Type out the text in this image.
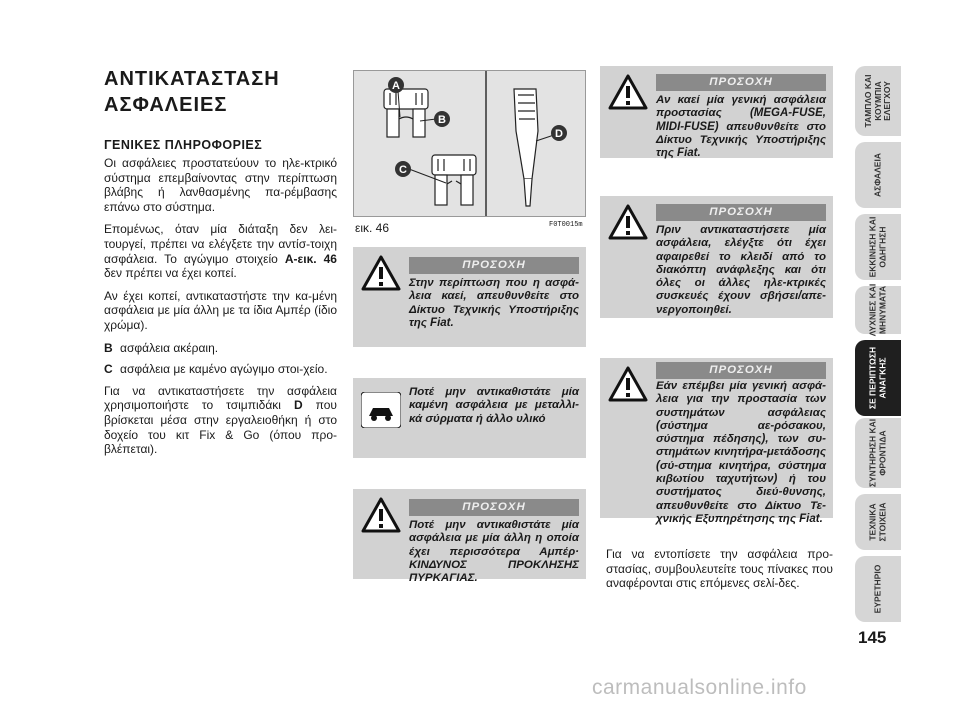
ΑΝΤΙΚΑΤΑΣΤΑΣΗ
ΑΣΦΑΛΕΙΕΣ
ΓΕΝΙΚΕΣ ΠΛΗΡΟΦΟΡΙΕΣ

Οι ασφάλειες προστατεύουν το ηλε-κτρικό σύστημα επεμβαίνοντας στην περίπτωση βλάβης ή λανθασμένης πα-ρέμβασης επάνω στο σύστημα.

Επομένως, όταν μία διάταξη δεν λει-τουργεί, πρέπει να ελέγξετε την αντίσ-τοιχη ασφάλεια. Το αγώγιμο στοιχείο Α-εικ. 46 δεν πρέπει να έχει κοπεί.

Αν έχει κοπεί, αντικαταστήστε την κα-μένη ασφάλεια με μία άλλη με τα ίδια Αμπέρ (ίδιο χρώμα).

B ασφάλεια ακέραιη.
C ασφάλεια με καμένο αγώγιμο στοι-χείο.

Για να αντικαταστήσετε την ασφάλεια χρησιμοποιήστε το τσιμπιδάκι D που βρίσκεται μέσα στην εργαλειοθήκη ή στο δοχείο του κιτ Fix & Go (όπου προ-βλέπεται).

A
B
C
D
εικ. 46	F0T0015m
ΠΡΟΣΟΧΗ
Στην περίπτωση που η ασφά-λεια καεί, απευθυνθείτε στο Δίκτυο Τεχνικής Υποστήριξης της Fiat.
Ποτέ μην αντικαθιστάτε μία καμένη ασφάλεια με μεταλλι-κά σύρματα ή άλλο υλικό
ΠΡΟΣΟΧΗ
Ποτέ μην αντικαθιστάτε μία ασφάλεια με μία άλλη η οποία έχει περισσότερα Αμπέρ· ΚΙΝΔΥΝΟΣ ΠΡΟΚΛΗΣΗΣ ΠΥΡΚΑΓΙΑΣ.
ΠΡΟΣΟΧΗ
Αν καεί μία γενική ασφάλεια προστασίας (MEGA-FUSE, MIDI-FUSE) απευθυνθείτε στο Δίκτυο Τεχνικής Υποστήριξης της Fiat.
ΠΡΟΣΟΧΗ
Πριν αντικαταστήσετε μία ασφάλεια, ελέγξτε ότι έχει αφαιρεθεί το κλειδί από το διακόπτη ανάφλεξης και ότι όλες οι άλλες ηλε-κτρικές συσκευές έχουν σβήσει/απε-νεργοποιηθεί.
ΠΡΟΣΟΧΗ
Εάν επέμβει μία γενική ασφά-λεια για την προστασία των συστημάτων ασφάλειας (σύστημα αε-ρόσακου, σύστημα πέδησης), των συ-στημάτων κινητήρα-μετάδοσης (σύ-στημα κινητήρα, σύστημα κιβωτίου ταχυτήτων) ή του συστήματος διεύ-θυνσης, απευθυνθείτε στο Δίκτυο Τε-χνικής Εξυπηρέτησης της Fiat.
Για να εντοπίσετε την ασφάλεια προ-στασίας, συμβουλευτείτε τους πίνακες που αναφέρονται στις επόμενες σελί-δες.
ΤΑΜΠΛΟ ΚΑΙ
ΚΟΥΜΠΙΑ
ΕΛΕΓΧΟΥ
ΑΣΦΑΛΕΙΑ
ΕΚΚΙΝΗΣΗ ΚΑΙ
ΟΔΗΓΗΣΗ
ΛΥΧΝΙΕΣ ΚΑΙ
ΜΗΝΥΜΑΤΑ
ΣΕ ΠΕΡΙΠΤΩΣΗ
ΑΝΑΓΚΗΣ
ΣΥΝΤΗΡΗΣΗ ΚΑΙ
ΦΡΟΝΤΙΔΑ
ΤΕΧΝΙΚΑ
ΣΤΟΙΧΕΙΑ
ΕΥΡΕΤΗΡΙΟ
145
carmanualsonline.info
